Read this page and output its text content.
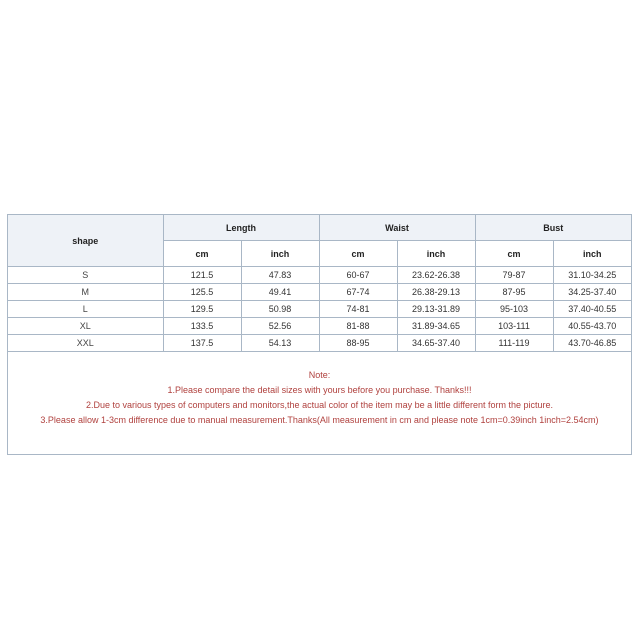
shape	Length		Waist		Bust	
	cm	inch	cm	inch	cm	inch
S	121.5	47.83	60-67	23.62-26.38	79-87	31.10-34.25
M	125.5	49.41	67-74	26.38-29.13	87-95	34.25-37.40
L	129.5	50.98	74-81	29.13-31.89	95-103	37.40-40.55
XL	133.5	52.56	81-88	31.89-34.65	103-111	40.55-43.70
XXL	137.5	54.13	88-95	34.65-37.40	111-119	43.70-46.85
Note:
1.Please compare the detail sizes with yours before you purchase. Thanks!!!
2.Due to various types of computers and monitors,the actual color of the item may be a little different form the picture.
3.Please allow 1-3cm difference due to manual measurement.Thanks(All measurement in cm and please note 1cm=0.39inch 1inch=2.54cm)
